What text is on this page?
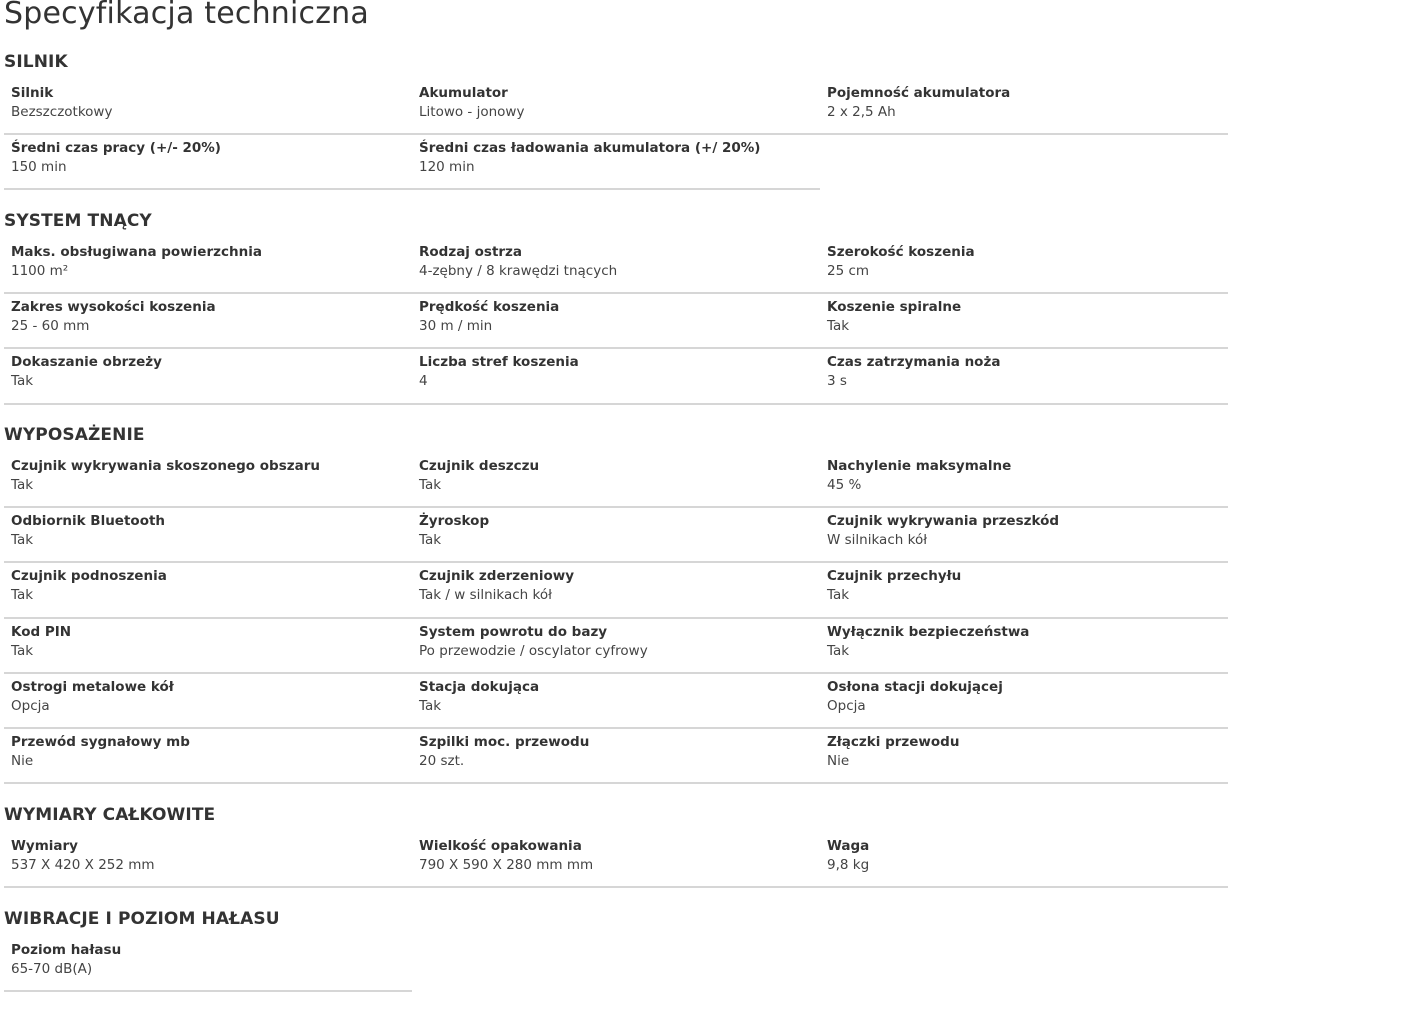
Specyfikacja techniczna
SILNIK
Silnik
Bezszczotkowy
Akumulator
Litowo - jonowy
Pojemność akumulatora
2 x 2,5 Ah
Średni czas pracy (+/- 20%)
150 min
Średni czas ładowania akumulatora (+/ 20%)
120 min
SYSTEM TNĄCY
Maks. obsługiwana powierzchnia
1100 m²
Rodzaj ostrza
4-zębny / 8 krawędzi tnących
Szerokość koszenia
25 cm
Zakres wysokości koszenia
25 - 60 mm
Prędkość koszenia
30 m / min
Koszenie spiralne
Tak
Dokaszanie obrzeży
Tak
Liczba stref koszenia
4
Czas zatrzymania noża
3 s
WYPOSAŻENIE
Czujnik wykrywania skoszonego obszaru
Tak
Czujnik deszczu
Tak
Nachylenie maksymalne
45 %
Odbiornik Bluetooth
Tak
Żyroskop
Tak
Czujnik wykrywania przeszkód
W silnikach kół
Czujnik podnoszenia
Tak
Czujnik zderzeniowy
Tak / w silnikach kół
Czujnik przechyłu
Tak
Kod PIN
Tak
System powrotu do bazy
Po przewodzie / oscylator cyfrowy
Wyłącznik bezpieczeństwa
Tak
Ostrogi metalowe kół
Opcja
Stacja dokująca
Tak
Osłona stacji dokującej
Opcja
Przewód sygnałowy mb
Nie
Szpilki moc. przewodu
20 szt.
Złączki przewodu
Nie
WYMIARY CAŁKOWITE
Wymiary
537 X 420 X 252 mm
Wielkość opakowania
790 X 590 X 280 mm mm
Waga
9,8 kg
WIBRACJE I POZIOM HAŁASU
Poziom hałasu
65-70 dB(A)
